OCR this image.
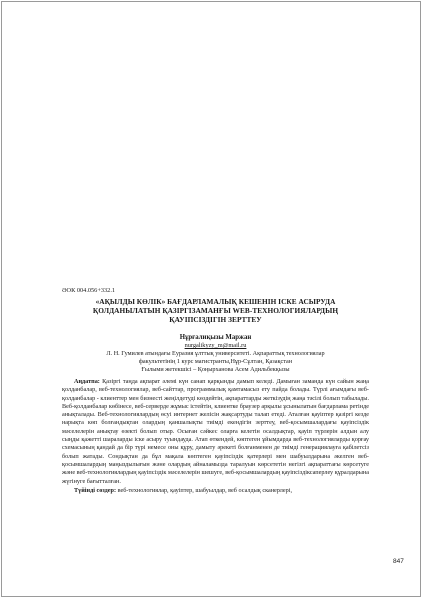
ӘОК 004.056+332.1

«АҚЫЛДЫ КӨЛІК» БАҒДАРЛАМАЛЫҚ КЕШЕНІН ІСКЕ АСЫРУДА
ҚОЛДАНЫЛАТЫН ҚАЗІРГІЗАМАНҒЫ WEB-ТЕХНОЛОГИЯЛАРДЫҢ
ҚАУІПСІЗДІГІН ЗЕРТТЕУ

Нұрғалиқызы Маржан

nurgalikyzy_m@mail.ru

Л. Н. Гумилев атындағы Еуразия ұлттық университеті. Ақпараттық технологиялар

факультетінің 1 курс магистранты,Нұр-Сұлтан, Қазақстан

Ғылыми жетекшісі – Қоңырханова Асем Адильбекқызы

Аңдатпа: Қазіргі таңда ақпарат әлемі күн санап қарқынды дамып келеді. Дамыған заманда күн сайын жаңа қолданбалар, веб-технологиялар, веб-сайттар, программалық қамтамасыз ету пайда болады. Түрлі ағымдағы веб-қолданбалар - клиенттер мен бизнесті жеңілдетуді көздейтін, ақпараттарды жеткізудің жаңа тәсілі болып табылады. Веб-қолданбалар көбінесе, веб-серверде жұмыс істейтін, клиентке браузер арқылы ұсынылатын бағдарлама ретінде анықталады. Веб-технологиялардың өсуі интернет желісін жақсартуды талап етеді. Аталған қауіптер қазіргі кезде нарықта көп болғандықтан олардың қаншалықты тиімді екендігін зерттеу, веб-қосымшалардағы қауіпсіздік мәселелерін анықтау өзекті болып отыр. Осыған сәйкес оларға келетін осалдықтар, қауіп түрлерін алдын алу сыңды қажетті шараларды іске асыру туындауда. Атап өткендей, көптеген ұйымдарда веб-технологияларды қорғау схемасының қандай да бір түрі немесе оны құру, дамыту әрекеті болғанменен де тиімді генерациялауға қабілетсіз болып жатады. Сондықтан да бұл мақала көптеген қауіпсіздік қатерлері мен шабуылдарына әкелген веб-қосымшалардың маңыздылығын және олардың айналамызда таралуын көрсететін негізгі ақпараттағы көрсетуге және веб-технологиялардың қауіпсіздік мәселелерін шешуге, веб-қосымшалардың қауіпсіздіксаперлеу құралдарына жүгінуге бағытталған.

Түйінді сөздер: веб-технологиялар, қауіптер, шабуылдар, веб осалдық сканерлері,

847
